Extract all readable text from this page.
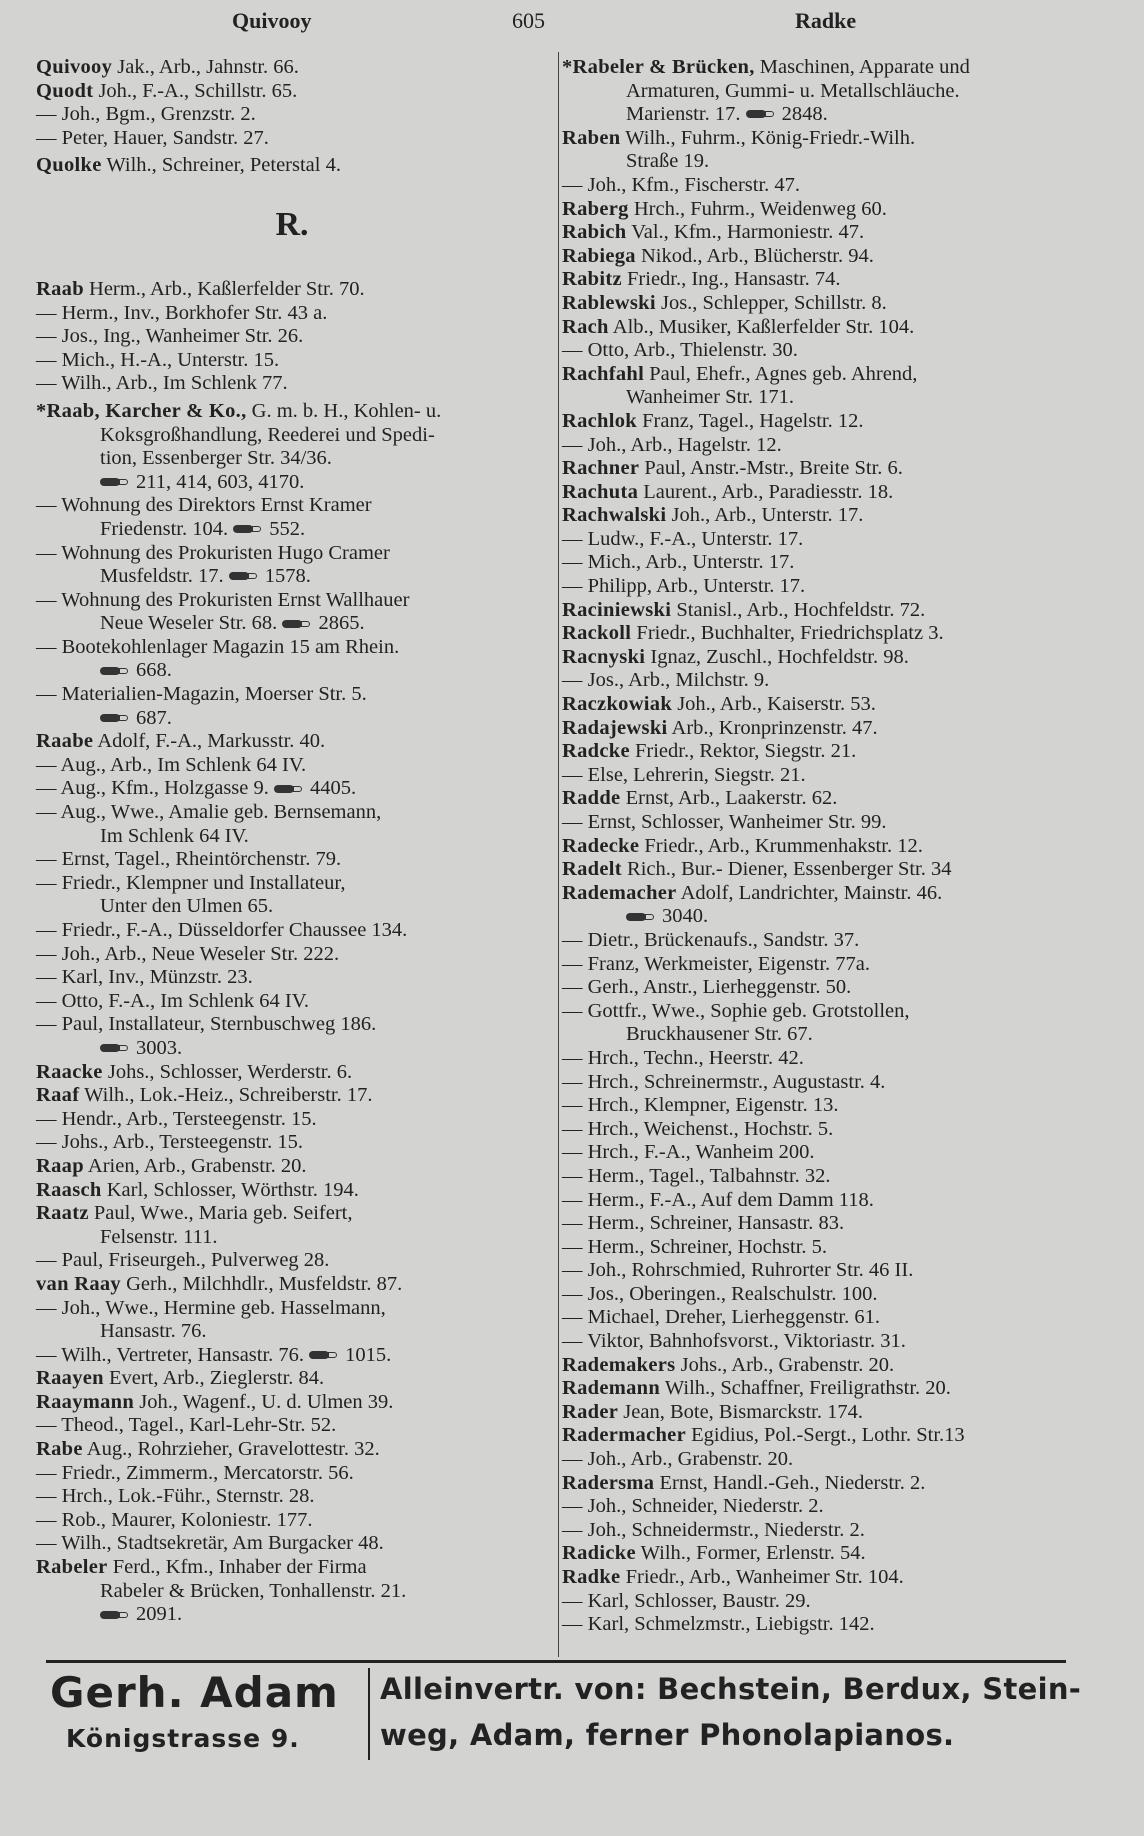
Quivooy	605	Radke
Quivooy Jak., Arb., Jahnstr. 66.
Quodt Joh., F.-A., Schillstr. 65.
— Joh., Bgm., Grenzstr. 2.
— Peter, Hauer, Sandstr. 27.
Quolke Wilh., Schreiner, Peterstal 4.
R.
Raab Herm., Arb., Kaßlerfelder Str. 70.
— Herm., Inv., Borkhofer Str. 43 a.
— Jos., Ing., Wanheimer Str. 26.
— Mich., H.-A., Unterstr. 15.
— Wilh., Arb., Im Schlenk 77.
*Raab, Karcher & Ko., G. m. b. H., Kohlen- u.
Koksgroßhandlung, Reederei und Spedi-
tion, Essenberger Str. 34/36.
211, 414, 603, 4170.
— Wohnung des Direktors Ernst Kramer
Friedenstr. 104. 552.
— Wohnung des Prokuristen Hugo Cramer
Musfeldstr. 17. 1578.
— Wohnung des Prokuristen Ernst Wallhauer
Neue Weseler Str. 68. 2865.
— Bootekohlenlager Magazin 15 am Rhein.
668.
— Materialien-Magazin, Moerser Str. 5.
687.
Raabe Adolf, F.-A., Markusstr. 40.
— Aug., Arb., Im Schlenk 64 IV.
— Aug., Kfm., Holzgasse 9. 4405.
— Aug., Wwe., Amalie geb. Bernsemann,
Im Schlenk 64 IV.
— Ernst, Tagel., Rheintörchenstr. 79.
— Friedr., Klempner und Installateur,
Unter den Ulmen 65.
— Friedr., F.-A., Düsseldorfer Chaussee 134.
— Joh., Arb., Neue Weseler Str. 222.
— Karl, Inv., Münzstr. 23.
— Otto, F.-A., Im Schlenk 64 IV.
— Paul, Installateur, Sternbuschweg 186.
3003.
Raacke Johs., Schlosser, Werderstr. 6.
Raaf Wilh., Lok.-Heiz., Schreiberstr. 17.
— Hendr., Arb., Tersteegenstr. 15.
— Johs., Arb., Tersteegenstr. 15.
Raap Arien, Arb., Grabenstr. 20.
Raasch Karl, Schlosser, Wörthstr. 194.
Raatz Paul, Wwe., Maria geb. Seifert,
Felsenstr. 111.
— Paul, Friseurgeh., Pulverweg 28.
van Raay Gerh., Milchhdlr., Musfeldstr. 87.
— Joh., Wwe., Hermine geb. Hasselmann,
Hansastr. 76.
— Wilh., Vertreter, Hansastr. 76. 1015.
Raayen Evert, Arb., Zieglerstr. 84.
Raaymann Joh., Wagenf., U. d. Ulmen 39.
— Theod., Tagel., Karl-Lehr-Str. 52.
Rabe Aug., Rohrzieher, Gravelottestr. 32.
— Friedr., Zimmerm., Mercatorstr. 56.
— Hrch., Lok.-Führ., Sternstr. 28.
— Rob., Maurer, Koloniestr. 177.
— Wilh., Stadtsekretär, Am Burgacker 48.
Rabeler Ferd., Kfm., Inhaber der Firma
Rabeler & Brücken, Tonhallenstr. 21.
2091.
*Rabeler & Brücken, Maschinen, Apparate und
Armaturen, Gummi- u. Metallschläuche.
Marienstr. 17. 2848.
Raben Wilh., Fuhrm., König-Friedr.-Wilh.
Straße 19.
— Joh., Kfm., Fischerstr. 47.
Raberg Hrch., Fuhrm., Weidenweg 60.
Rabich Val., Kfm., Harmoniestr. 47.
Rabiega Nikod., Arb., Blücherstr. 94.
Rabitz Friedr., Ing., Hansastr. 74.
Rablewski Jos., Schlepper, Schillstr. 8.
Rach Alb., Musiker, Kaßlerfelder Str. 104.
— Otto, Arb., Thielenstr. 30.
Rachfahl Paul, Ehefr., Agnes geb. Ahrend,
Wanheimer Str. 171.
Rachlok Franz, Tagel., Hagelstr. 12.
— Joh., Arb., Hagelstr. 12.
Rachner Paul, Anstr.-Mstr., Breite Str. 6.
Rachuta Laurent., Arb., Paradiesstr. 18.
Rachwalski Joh., Arb., Unterstr. 17.
— Ludw., F.-A., Unterstr. 17.
— Mich., Arb., Unterstr. 17.
— Philipp, Arb., Unterstr. 17.
Raciniewski Stanisl., Arb., Hochfeldstr. 72.
Rackoll Friedr., Buchhalter, Friedrichsplatz 3.
Racnyski Ignaz, Zuschl., Hochfeldstr. 98.
— Jos., Arb., Milchstr. 9.
Raczkowiak Joh., Arb., Kaiserstr. 53.
Radajewski Arb., Kronprinzenstr. 47.
Radcke Friedr., Rektor, Siegstr. 21.
— Else, Lehrerin, Siegstr. 21.
Radde Ernst, Arb., Laakerstr. 62.
— Ernst, Schlosser, Wanheimer Str. 99.
Radecke Friedr., Arb., Krummenhakstr. 12.
Radelt Rich., Bur.- Diener, Essenberger Str. 34
Rademacher Adolf, Landrichter, Mainstr. 46.
3040.
— Dietr., Brückenaufs., Sandstr. 37.
— Franz, Werkmeister, Eigenstr. 77a.
— Gerh., Anstr., Lierheggenstr. 50.
— Gottfr., Wwe., Sophie geb. Grotstollen,
Bruckhausener Str. 67.
— Hrch., Techn., Heerstr. 42.
— Hrch., Schreinermstr., Augustastr. 4.
— Hrch., Klempner, Eigenstr. 13.
— Hrch., Weichenst., Hochstr. 5.
— Hrch., F.-A., Wanheim 200.
— Herm., Tagel., Talbahnstr. 32.
— Herm., F.-A., Auf dem Damm 118.
— Herm., Schreiner, Hansastr. 83.
— Herm., Schreiner, Hochstr. 5.
— Joh., Rohrschmied, Ruhrorter Str. 46 II.
— Jos., Oberingen., Realschulstr. 100.
— Michael, Dreher, Lierheggenstr. 61.
— Viktor, Bahnhofsvorst., Viktoriastr. 31.
Rademakers Johs., Arb., Grabenstr. 20.
Rademann Wilh., Schaffner, Freiligrathstr. 20.
Rader Jean, Bote, Bismarckstr. 174.
Radermacher Egidius, Pol.-Sergt., Lothr. Str.13
— Joh., Arb., Grabenstr. 20.
Radersma Ernst, Handl.-Geh., Niederstr. 2.
— Joh., Schneider, Niederstr. 2.
— Joh., Schneidermstr., Niederstr. 2.
Radicke Wilh., Former, Erlenstr. 54.
Radke Friedr., Arb., Wanheimer Str. 104.
— Karl, Schlosser, Baustr. 29.
— Karl, Schmelzmstr., Liebigstr. 142.
Gerh. Adam
Königstrasse 9.
Alleinvertr. von: Bechstein, Berdux, Stein-
weg, Adam, ferner Phonolapianos.
